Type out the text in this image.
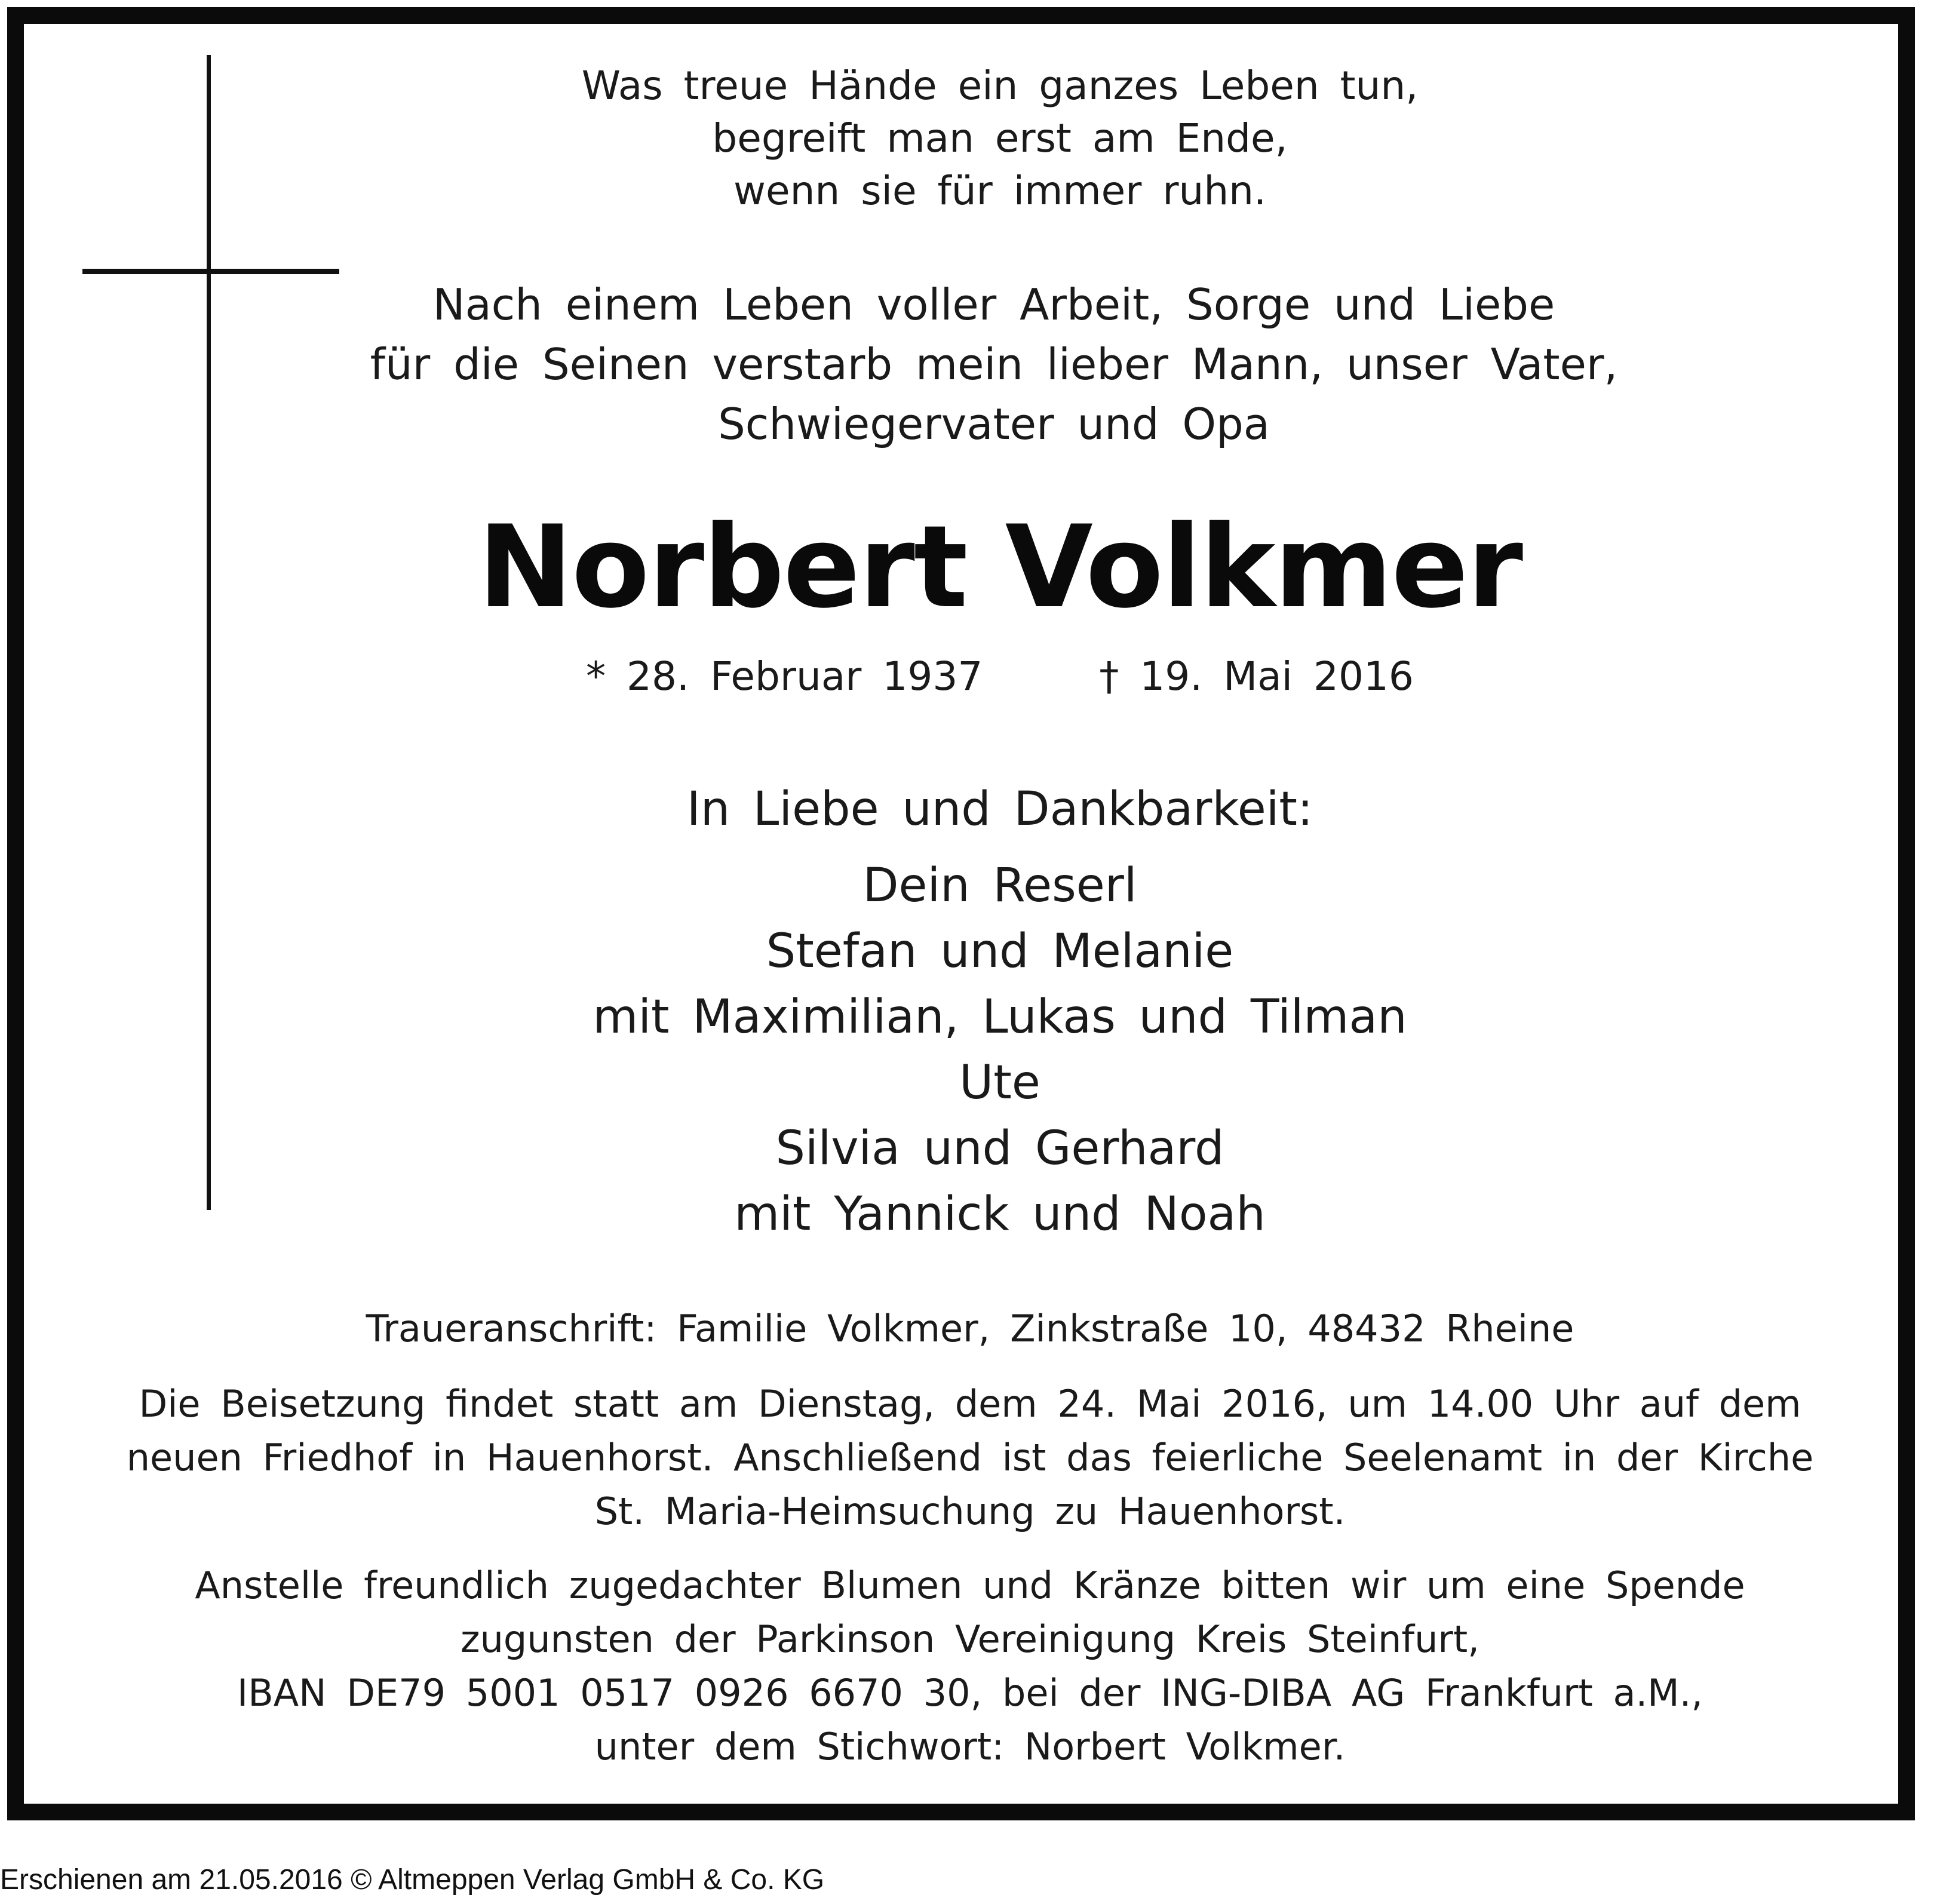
Was treue Hände ein ganzes Leben tun,
begreift man erst am Ende,
wenn sie für immer ruhn.
Nach einem Leben voller Arbeit, Sorge und Liebe
für die Seinen verstarb mein lieber Mann, unser Vater,
Schwiegervater und Opa
Norbert Volkmer
* 28. Februar 1937	† 19. Mai 2016
In Liebe und Dankbarkeit:
Dein Reserl
Stefan und Melanie
mit Maximilian, Lukas und Tilman
Ute
Silvia und Gerhard
mit Yannick und Noah
Traueranschrift: Familie Volkmer, Zinkstraße 10, 48432 Rheine
Die Beisetzung findet statt am Dienstag, dem 24. Mai 2016, um 14.00 Uhr auf dem
neuen Friedhof in Hauenhorst. Anschließend ist das feierliche Seelenamt in der Kirche
St. Maria-Heimsuchung zu Hauenhorst.
Anstelle freundlich zugedachter Blumen und Kränze bitten wir um eine Spende
zugunsten der Parkinson Vereinigung Kreis Steinfurt,
IBAN DE79 5001 0517 0926 6670 30, bei der ING-DIBA AG Frankfurt a.M.,
unter dem Stichwort: Norbert Volkmer.
Erschienen am 21.05.2016 © Altmeppen Verlag GmbH & Co. KG
